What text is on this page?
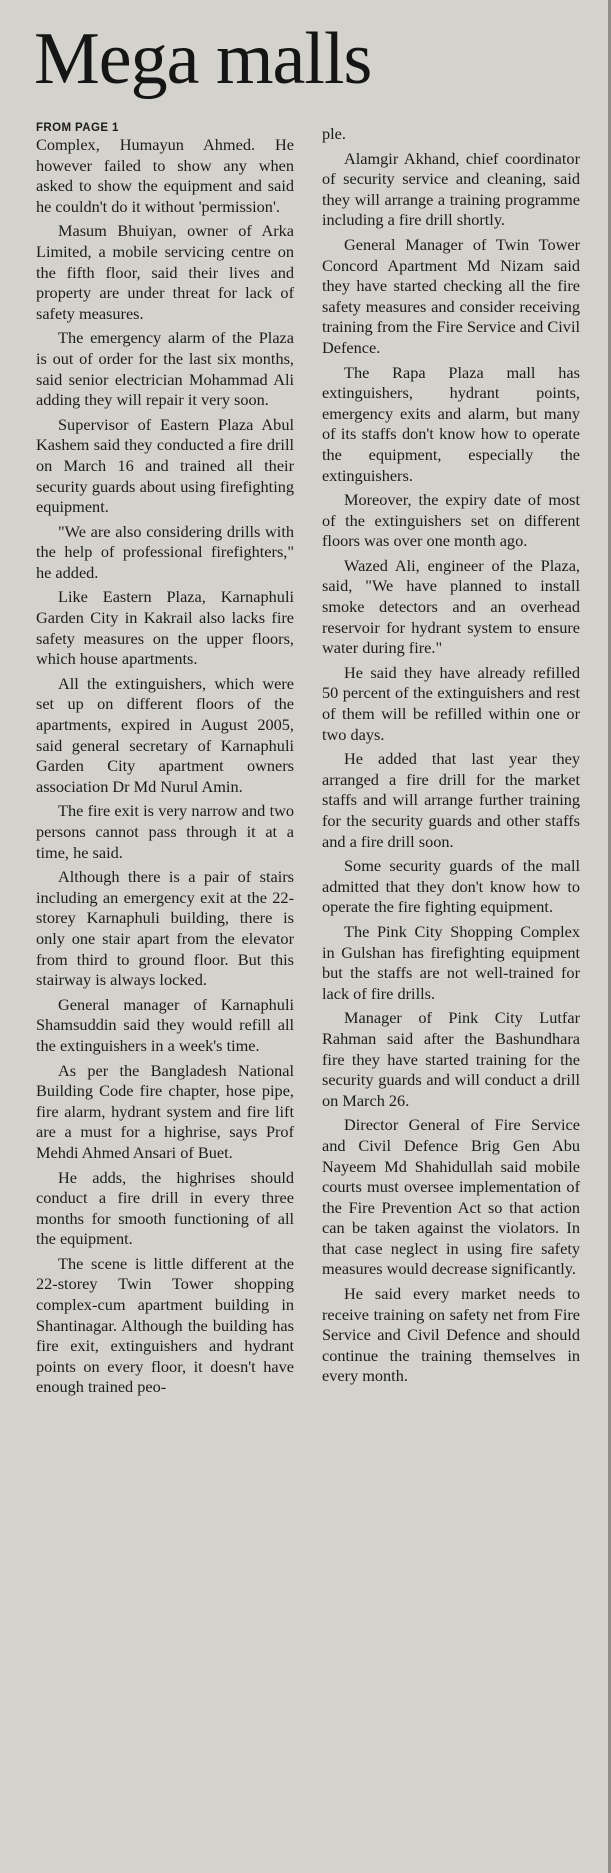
Mega malls
FROM PAGE 1

Complex, Humayun Ahmed. He however failed to show any when asked to show the equipment and said he couldn't do it without 'permission'.

Masum Bhuiyan, owner of Arka Limited, a mobile servicing centre on the fifth floor, said their lives and property are under threat for lack of safety measures.

The emergency alarm of the Plaza is out of order for the last six months, said senior electrician Mohammad Ali adding they will repair it very soon.

Supervisor of Eastern Plaza Abul Kashem said they conducted a fire drill on March 16 and trained all their security guards about using firefighting equipment.

"We are also considering drills with the help of professional firefighters," he added.

Like Eastern Plaza, Karnaphuli Garden City in Kakrail also lacks fire safety measures on the upper floors, which house apartments.

All the extinguishers, which were set up on different floors of the apartments, expired in August 2005, said general secretary of Karnaphuli Garden City apartment owners association Dr Md Nurul Amin.

The fire exit is very narrow and two persons cannot pass through it at a time, he said.

Although there is a pair of stairs including an emergency exit at the 22-storey Karnaphuli building, there is only one stair apart from the elevator from third to ground floor. But this stairway is always locked.

General manager of Karnaphuli Shamsuddin said they would refill all the extinguishers in a week's time.

As per the Bangladesh National Building Code fire chapter, hose pipe, fire alarm, hydrant system and fire lift are a must for a highrise, says Prof Mehdi Ahmed Ansari of Buet.

He adds, the highrises should conduct a fire drill in every three months for smooth functioning of all the equipment.

The scene is little different at the 22-storey Twin Tower shopping complex-cum apartment building in Shantinagar. Although the building has fire exit, extinguishers and hydrant points on every floor, it doesn't have enough trained peo-

ple.

Alamgir Akhand, chief coordinator of security service and cleaning, said they will arrange a training programme including a fire drill shortly.

General Manager of Twin Tower Concord Apartment Md Nizam said they have started checking all the fire safety measures and consider receiving training from the Fire Service and Civil Defence.

The Rapa Plaza mall has extinguishers, hydrant points, emergency exits and alarm, but many of its staffs don't know how to operate the equipment, especially the extinguishers.

Moreover, the expiry date of most of the extinguishers set on different floors was over one month ago.

Wazed Ali, engineer of the Plaza, said, "We have planned to install smoke detectors and an overhead reservoir for hydrant system to ensure water during fire."

He said they have already refilled 50 percent of the extinguishers and rest of them will be refilled within one or two days.

He added that last year they arranged a fire drill for the market staffs and will arrange further training for the security guards and other staffs and a fire drill soon.

Some security guards of the mall admitted that they don't know how to operate the fire fighting equipment.

The Pink City Shopping Complex in Gulshan has firefighting equipment but the staffs are not well-trained for lack of fire drills.

Manager of Pink City Lutfar Rahman said after the Bashundhara fire they have started training for the security guards and will conduct a drill on March 26.

Director General of Fire Service and Civil Defence Brig Gen Abu Nayeem Md Shahidullah said mobile courts must oversee implementation of the Fire Prevention Act so that action can be taken against the violators. In that case neglect in using fire safety measures would decrease significantly.

He said every market needs to receive training on safety net from Fire Service and Civil Defence and should continue the training themselves in every month.
